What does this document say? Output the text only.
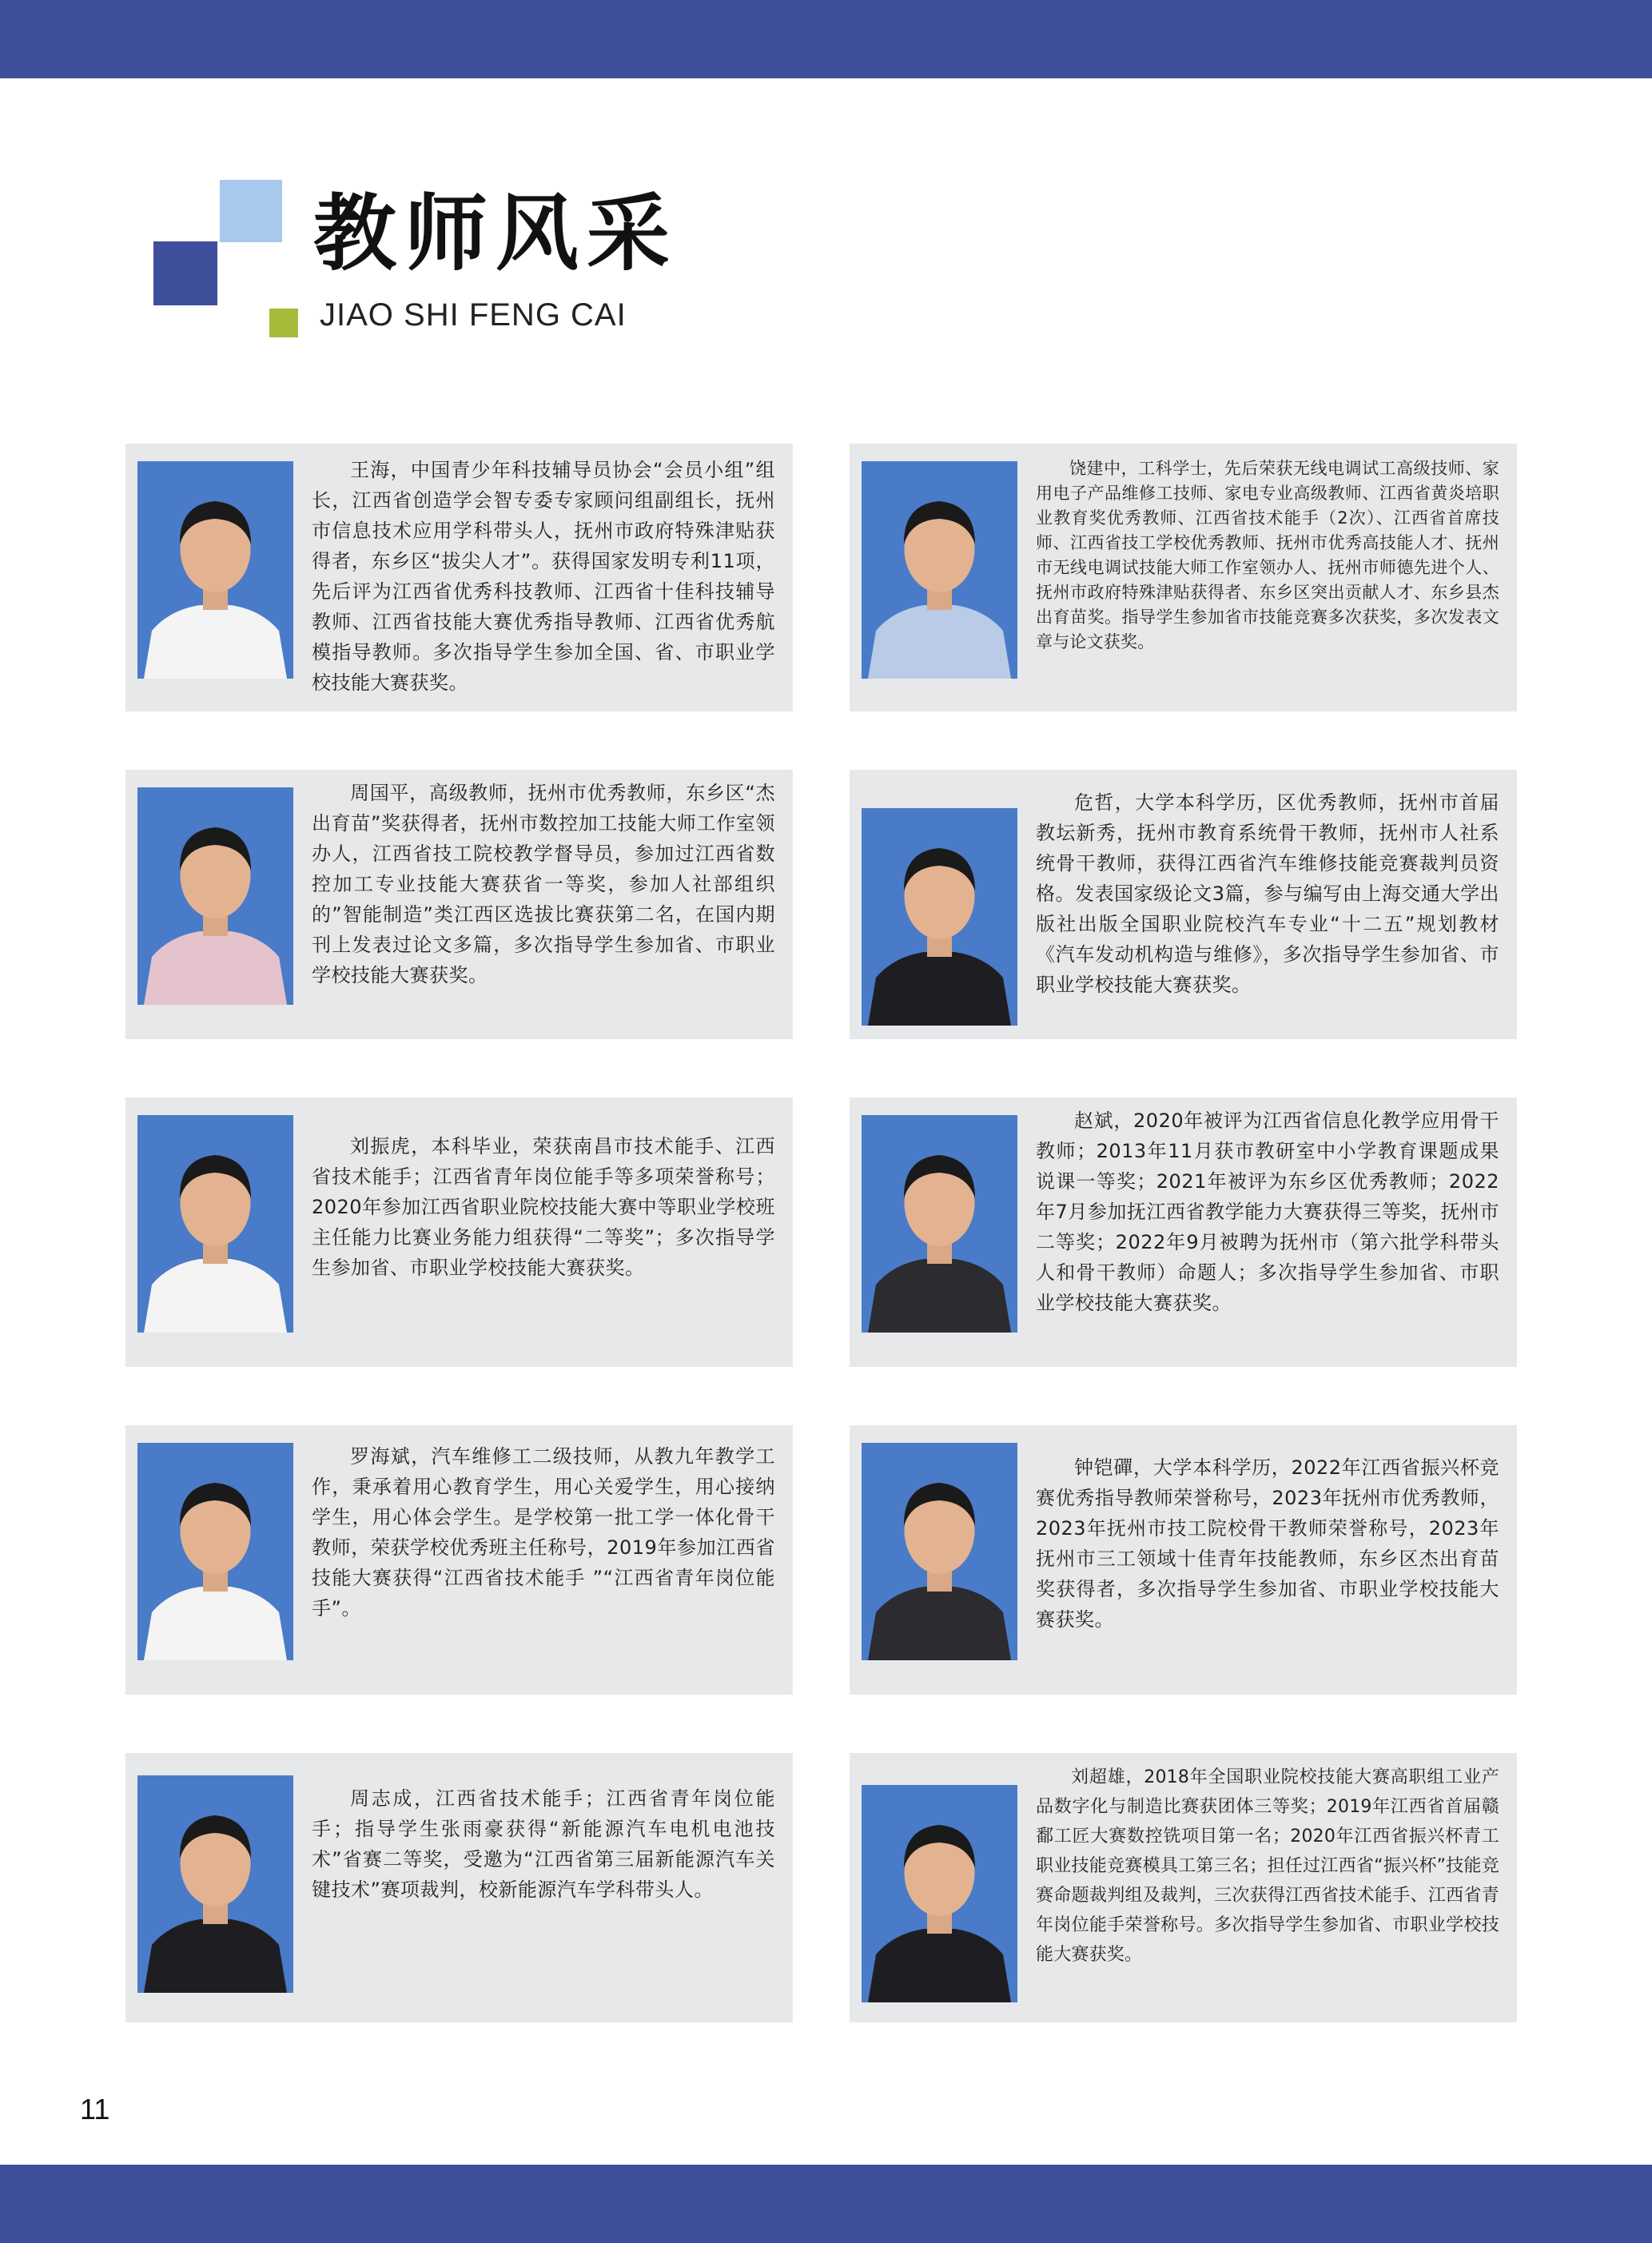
教师风采
JIAO SHI FENG CAI

王海，中国青少年科技辅导员协会“会员小组”组长，江西省创造学会智专委专家顾问组副组长，抚州市信息技术应用学科带头人，抚州市政府特殊津贴获得者，东乡区“拔尖人才”。获得国家发明专利11项，先后评为江西省优秀科技教师、江西省十佳科技辅导教师、江西省技能大赛优秀指导教师、江西省优秀航模指导教师。多次指导学生参加全国、省、市职业学校技能大赛获奖。

饶建中，工科学士，先后荣获无线电调试工高级技师、家用电子产品维修工技师、家电专业高级教师、江西省黄炎培职业教育奖优秀教师、江西省技术能手（2次）、江西省首席技师、江西省技工学校优秀教师、抚州市优秀高技能人才、抚州市无线电调试技能大师工作室领办人、抚州市师德先进个人、抚州市政府特殊津贴获得者、东乡区突出贡献人才、东乡县杰出育苗奖。指导学生参加省市技能竞赛多次获奖，多次发表文章与论文获奖。

周国平，高级教师，抚州市优秀教师，东乡区“杰出育苗”奖获得者，抚州市数控加工技能大师工作室领办人，江西省技工院校教学督导员，参加过江西省数控加工专业技能大赛获省一等奖，参加人社部组织的”智能制造”类江西区选拔比赛获第二名，在国内期刊上发表过论文多篇，多次指导学生参加省、市职业学校技能大赛获奖。

危哲，大学本科学历，区优秀教师，抚州市首届教坛新秀，抚州市教育系统骨干教师，抚州市人社系统骨干教师，获得江西省汽车维修技能竞赛裁判员资格。发表国家级论文3篇，参与编写由上海交通大学出版社出版全国职业院校汽车专业“十二五”规划教材《汽车发动机构造与维修》，多次指导学生参加省、市职业学校技能大赛获奖。

刘振虎，本科毕业，荣获南昌市技术能手、江西省技术能手；江西省青年岗位能手等多项荣誉称号；2020年参加江西省职业院校技能大赛中等职业学校班主任能力比赛业务能力组获得“二等奖”；多次指导学生参加省、市职业学校技能大赛获奖。

赵斌，2020年被评为江西省信息化教学应用骨干教师；2013年11月获市教研室中小学教育课题成果说课一等奖；2021年被评为东乡区优秀教师；2022年7月参加抚江西省教学能力大赛获得三等奖，抚州市二等奖；2022年9月被聘为抚州市（第六批学科带头人和骨干教师）命题人；多次指导学生参加省、市职业学校技能大赛获奖。

罗海斌，汽车维修工二级技师，从教九年教学工作，秉承着用心教育学生，用心关爱学生，用心接纳学生，用心体会学生。是学校第一批工学一体化骨干教师，荣获学校优秀班主任称号，2019年参加江西省技能大赛获得“江西省技术能手 ”“江西省青年岗位能手”。

钟铠磾，大学本科学历，2022年江西省振兴杯竞赛优秀指导教师荣誉称号，2023年抚州市优秀教师，2023年抚州市技工院校骨干教师荣誉称号，2023年抚州市三工领域十佳青年技能教师，东乡区杰出育苗奖获得者，多次指导学生参加省、市职业学校技能大赛获奖。

周志成，江西省技术能手；江西省青年岗位能手；指导学生张雨豪获得“新能源汽车电机电池技术”省赛二等奖，受邀为“江西省第三届新能源汽车关键技术”赛项裁判，校新能源汽车学科带头人。

刘超雄，2018年全国职业院校技能大赛高职组工业产品数字化与制造比赛获团体三等奖；2019年江西省首届赣鄱工匠大赛数控铣项目第一名；2020年江西省振兴杯青工职业技能竞赛模具工第三名；担任过江西省“振兴杯”技能竞赛命题裁判组及裁判，三次获得江西省技术能手、江西省青年岗位能手荣誉称号。多次指导学生参加省、市职业学校技能大赛获奖。

11
